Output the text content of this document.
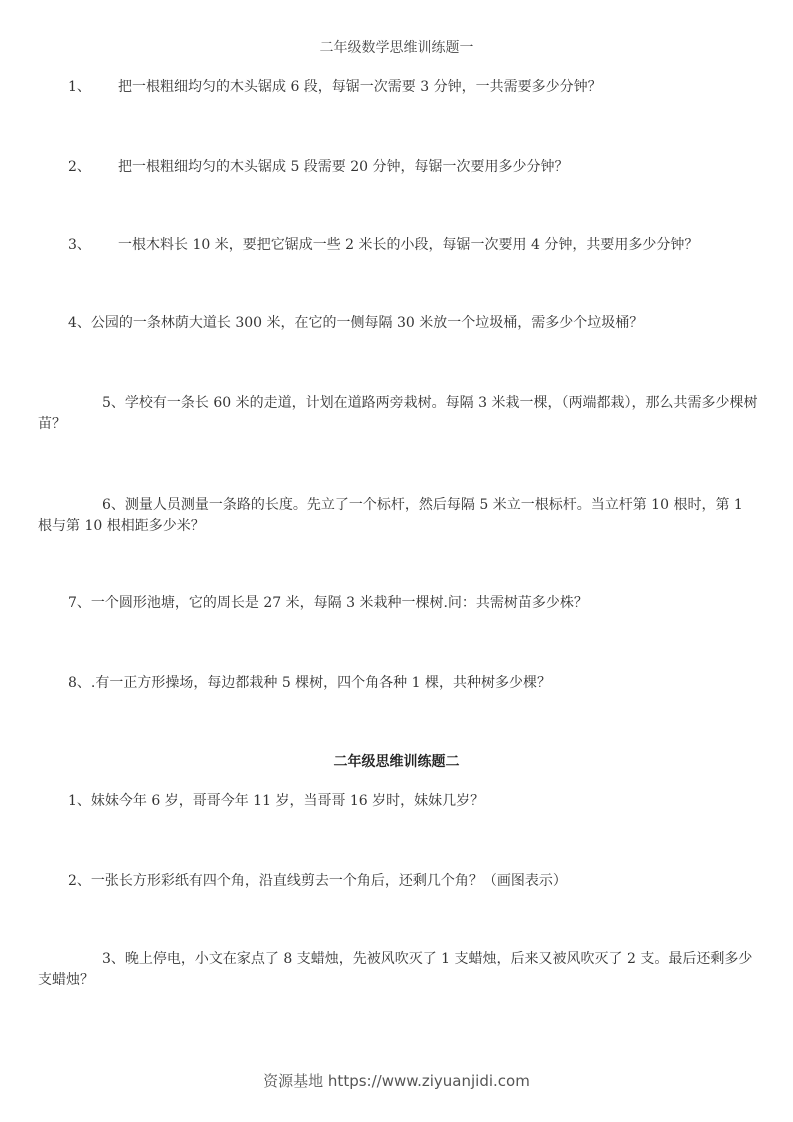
二年级数学思维训练题一
1、 把一根粗细均匀的木头锯成 6 段，每锯一次需要 3 分钟，一共需要多少分钟？
2、 把一根粗细均匀的木头锯成 5 段需要 20 分钟，每锯一次要用多少分钟？
3、 一根木料长 10 米，要把它锯成一些 2 米长的小段，每锯一次要用 4 分钟，共要用多少分钟？
4、公园的一条林荫大道长 300 米，在它的一侧每隔 30 米放一个垃圾桶，需多少个垃圾桶？
5、学校有一条长 60 米的走道，计划在道路两旁栽树。每隔 3 米栽一棵，（两端都栽），那么共需多少棵树苗？
6、测量人员测量一条路的长度。先立了一个标杆，然后每隔 5 米立一根标杆。当立杆第 10 根时，第 1 根与第 10 根相距多少米？
7、一个圆形池塘，它的周长是 27 米，每隔 3 米栽种一棵树.问：共需树苗多少株？
8、.有一正方形操场，每边都栽种 5 棵树，四个角各种 1 棵，共种树多少棵？
二年级思维训练题二
1、妹妹今年 6 岁，哥哥今年 11 岁，当哥哥 16 岁时，妹妹几岁？
2、一张长方形彩纸有四个角，沿直线剪去一个角后，还剩几个角？（画图表示）
3、晚上停电，小文在家点了 8 支蜡烛，先被风吹灭了 1 支蜡烛，后来又被风吹灭了 2 支。最后还剩多少支蜡烛？
资源基地 https://www.ziyuanjidi.com
